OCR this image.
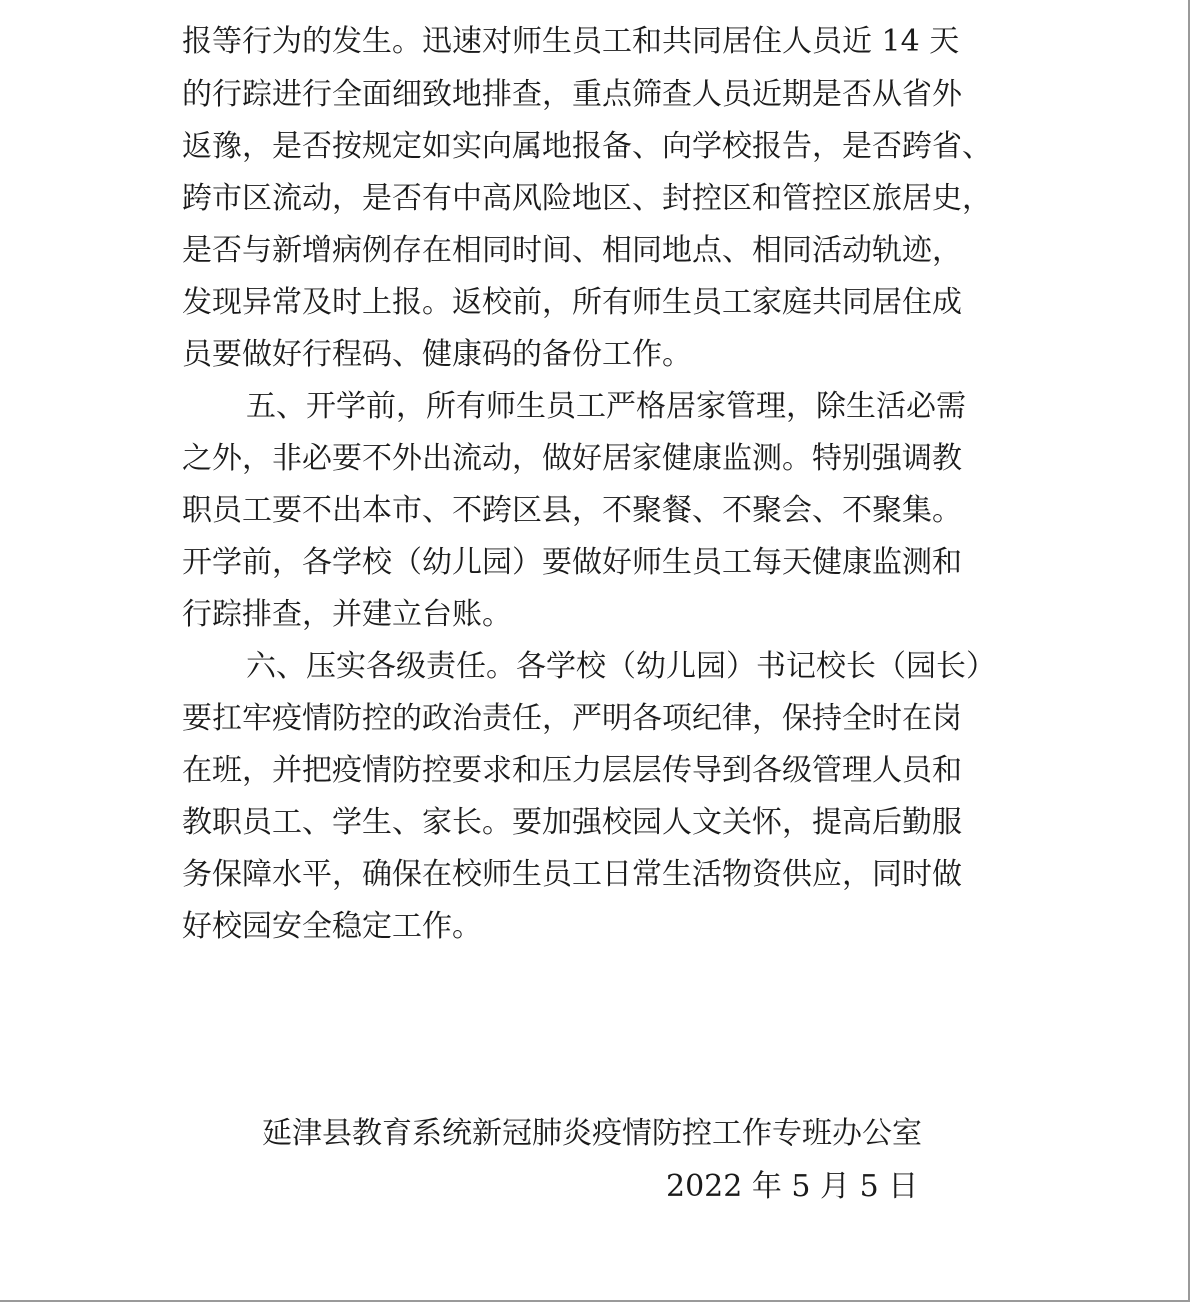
报等行为的发生。迅速对师生员工和共同居住人员近 14 天
的行踪进行全面细致地排查，重点筛查人员近期是否从省外
返豫，是否按规定如实向属地报备、向学校报告，是否跨省、
跨市区流动，是否有中高风险地区、封控区和管控区旅居史，
是否与新增病例存在相同时间、相同地点、相同活动轨迹，
发现异常及时上报。返校前，所有师生员工家庭共同居住成
员要做好行程码、健康码的备份工作。
五、开学前，所有师生员工严格居家管理，除生活必需
之外，非必要不外出流动，做好居家健康监测。特别强调教
职员工要不出本市、不跨区县，不聚餐、不聚会、不聚集。
开学前，各学校（幼儿园）要做好师生员工每天健康监测和
行踪排查，并建立台账。
六、压实各级责任。各学校（幼儿园）书记校长（园长）
要扛牢疫情防控的政治责任，严明各项纪律，保持全时在岗
在班，并把疫情防控要求和压力层层传导到各级管理人员和
教职员工、学生、家长。要加强校园人文关怀，提高后勤服
务保障水平，确保在校师生员工日常生活物资供应，同时做
好校园安全稳定工作。
延津县教育系统新冠肺炎疫情防控工作专班办公室
2022 年 5 月 5 日
